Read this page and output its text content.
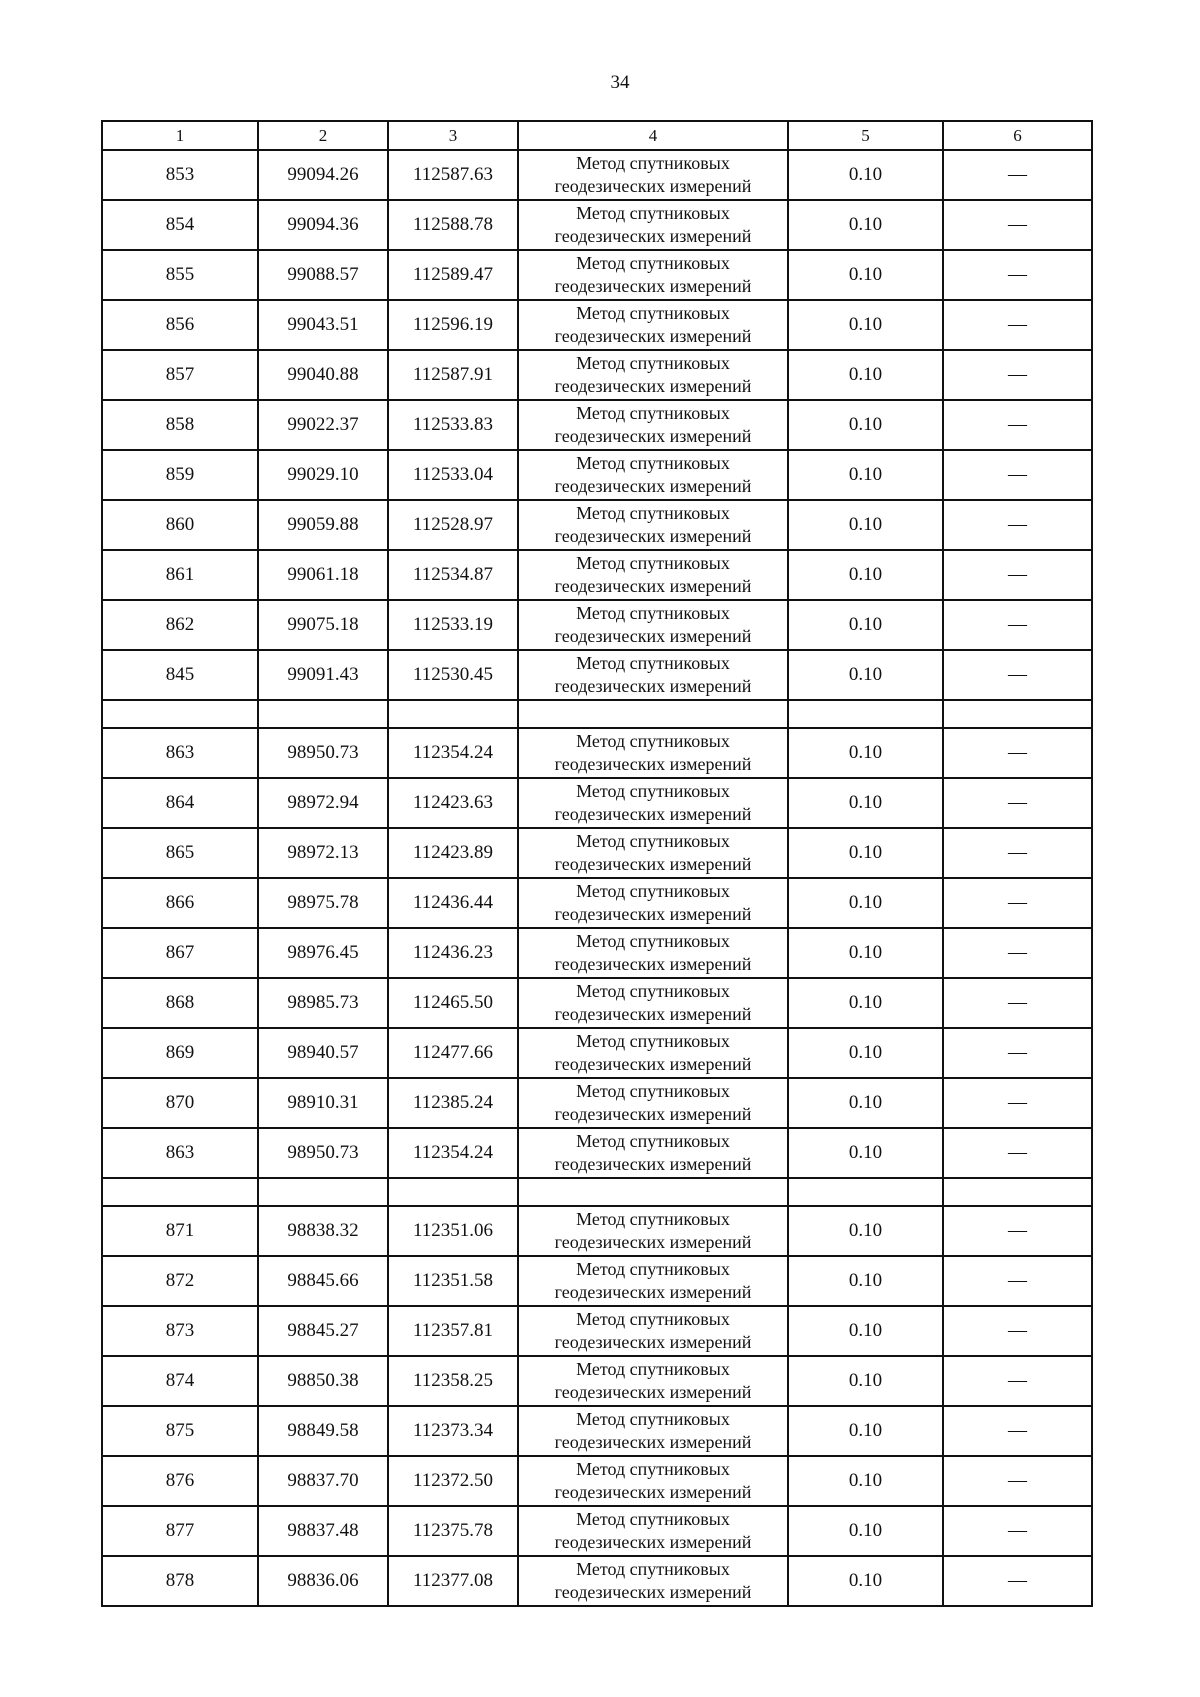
34
1	2	3	4	5	6
853	99094.26	112587.63	Метод спутниковых
геодезических измерений	0.10	—
854	99094.36	112588.78	Метод спутниковых
геодезических измерений	0.10	—
855	99088.57	112589.47	Метод спутниковых
геодезических измерений	0.10	—
856	99043.51	112596.19	Метод спутниковых
геодезических измерений	0.10	—
857	99040.88	112587.91	Метод спутниковых
геодезических измерений	0.10	—
858	99022.37	112533.83	Метод спутниковых
геодезических измерений	0.10	—
859	99029.10	112533.04	Метод спутниковых
геодезических измерений	0.10	—
860	99059.88	112528.97	Метод спутниковых
геодезических измерений	0.10	—
861	99061.18	112534.87	Метод спутниковых
геодезических измерений	0.10	—
862	99075.18	112533.19	Метод спутниковых
геодезических измерений	0.10	—
845	99091.43	112530.45	Метод спутниковых
геодезических измерений	0.10	—

863	98950.73	112354.24	Метод спутниковых
геодезических измерений	0.10	—
864	98972.94	112423.63	Метод спутниковых
геодезических измерений	0.10	—
865	98972.13	112423.89	Метод спутниковых
геодезических измерений	0.10	—
866	98975.78	112436.44	Метод спутниковых
геодезических измерений	0.10	—
867	98976.45	112436.23	Метод спутниковых
геодезических измерений	0.10	—
868	98985.73	112465.50	Метод спутниковых
геодезических измерений	0.10	—
869	98940.57	112477.66	Метод спутниковых
геодезических измерений	0.10	—
870	98910.31	112385.24	Метод спутниковых
геодезических измерений	0.10	—
863	98950.73	112354.24	Метод спутниковых
геодезических измерений	0.10	—

871	98838.32	112351.06	Метод спутниковых
геодезических измерений	0.10	—
872	98845.66	112351.58	Метод спутниковых
геодезических измерений	0.10	—
873	98845.27	112357.81	Метод спутниковых
геодезических измерений	0.10	—
874	98850.38	112358.25	Метод спутниковых
геодезических измерений	0.10	—
875	98849.58	112373.34	Метод спутниковых
геодезических измерений	0.10	—
876	98837.70	112372.50	Метод спутниковых
геодезических измерений	0.10	—
877	98837.48	112375.78	Метод спутниковых
геодезических измерений	0.10	—
878	98836.06	112377.08	Метод спутниковых
геодезических измерений	0.10	—
